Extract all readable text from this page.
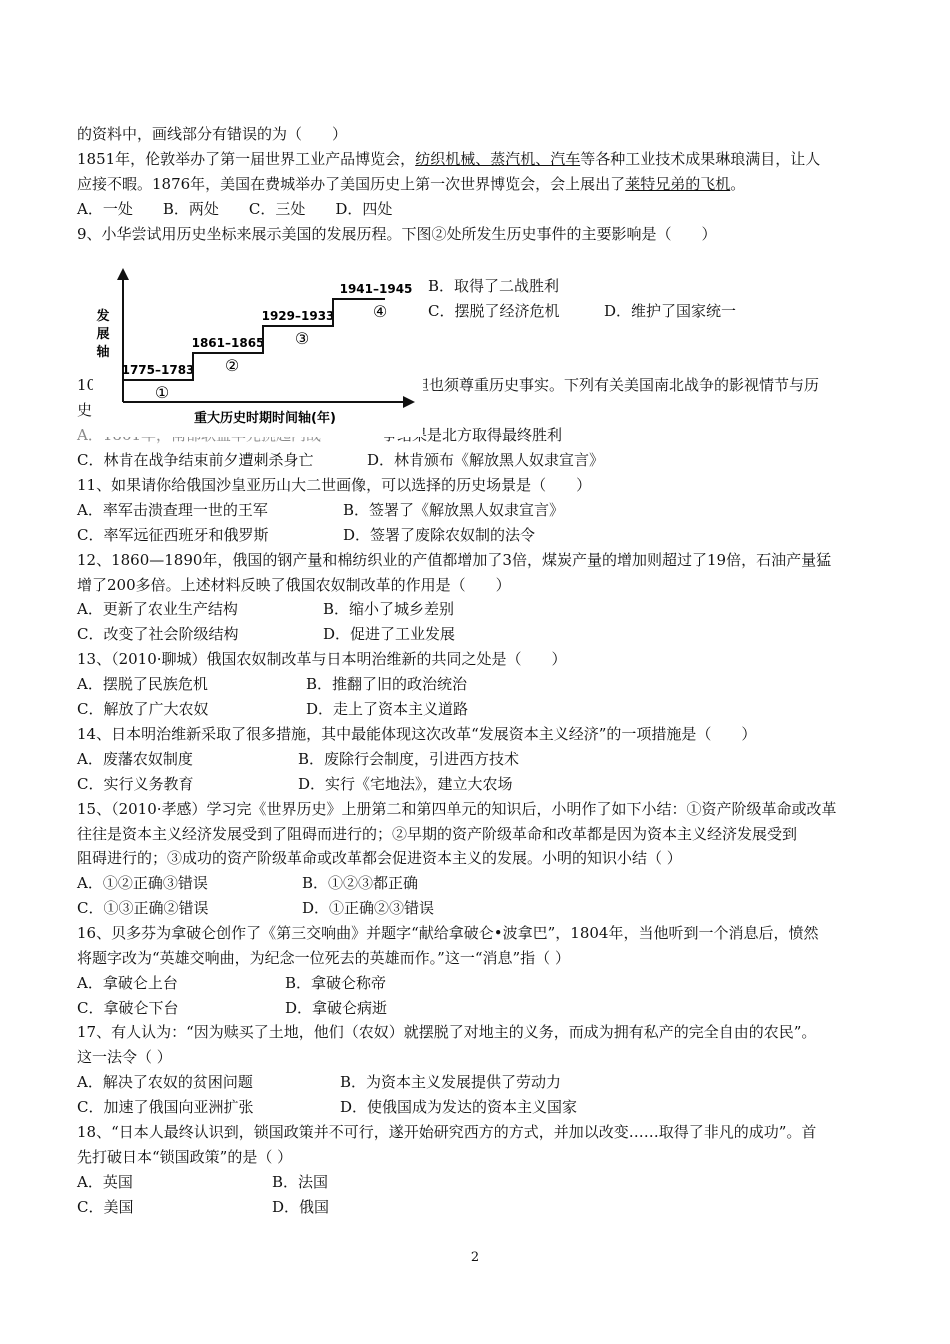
的资料中，画线部分有错误的为（　　）
1851年，伦敦举办了第一届世界工业产品博览会，纺织机械、蒸汽机、汽车等各种工业技术成果琳琅满目，让人
应接不暇。1876年，美国在费城举办了美国历史上第一次世界博览会，会上展出了莱特兄弟的飞机。
A．一处　　B．两处　　C．三处　　D．四处
9、小华尝试用历史坐标来展示美国的发展历程。下图②处所发生历史事件的主要影响是（　　）
B．取得了二战胜利
C．摆脱了经济危机	D．维护了国家统一
10	，但也须尊重历史事实。下列有关美国南北战争的影视情节与历
史
A．1861年，南部联盟率先挑起内战	争结果是北方取得最终胜利
C．林肯在战争结束前夕遭刺杀身亡	D．林肯颁布《解放黑人奴隶宣言》
发
展
轴
重大历史时期时间轴(年)
1775–1783
①
1861–1865
②
1929–1933
③
1941–1945
④
11、如果请你给俄国沙皇亚历山大二世画像，可以选择的历史场景是（　　）
A．率军击溃查理一世的王军	B．签署了《解放黑人奴隶宣言》
C．率军远征西班牙和俄罗斯	D．签署了废除农奴制的法令
12、1860—1890年，俄国的钢产量和棉纺织业的产值都增加了3倍，煤炭产量的增加则超过了19倍，石油产量猛
增了200多倍。上述材料反映了俄国农奴制改革的作用是（　　）
A．更新了农业生产结构	B．缩小了城乡差别
C．改变了社会阶级结构	D．促进了工业发展
13、（2010·聊城）俄国农奴制改革与日本明治维新的共同之处是（　　）
A．摆脱了民族危机	B．推翻了旧的政治统治
C．解放了广大农奴	D．走上了资本主义道路
14、日本明治维新采取了很多措施，其中最能体现这次改革“发展资本主义经济”的一项措施是（　　）
A．废藩农奴制度	B．废除行会制度，引进西方技术
C．实行义务教育	D．实行《宅地法》，建立大农场
15、（2010·孝感）学习完《世界历史》上册第二和第四单元的知识后，小明作了如下小结：①资产阶级革命或改革
往往是资本主义经济发展受到了阻碍而进行的；②早期的资产阶级革命和改革都是因为资本主义经济发展受到
阻碍进行的；③成功的资产阶级革命或改革都会促进资本主义的发展。小明的知识小结（ ）
A．①②正确③错误	B．①②③都正确
C．①③正确②错误	D．①正确②③错误
16、贝多芬为拿破仑创作了《第三交响曲》并题字“献给拿破仑•波拿巴”，1804年，当他听到一个消息后，愤然
将题字改为“英雄交响曲，为纪念一位死去的英雄而作。”这一“消息”指（ ）
A．拿破仑上台	B．拿破仑称帝
C．拿破仑下台	D．拿破仑病逝
17、有人认为：“因为赎买了土地，他们（农奴）就摆脱了对地主的义务，而成为拥有私产的完全自由的农民”。
这一法令（ ）
A．解决了农奴的贫困问题	B．为资本主义发展提供了劳动力
C．加速了俄国向亚洲扩张	D．使俄国成为发达的资本主义国家
18、“日本人最终认识到，锁国政策并不可行，遂开始研究西方的方式，并加以改变……取得了非凡的成功”。首
先打破日本“锁国政策”的是（ ）
A．英国	B．法国
C．美国	D．俄国
2
